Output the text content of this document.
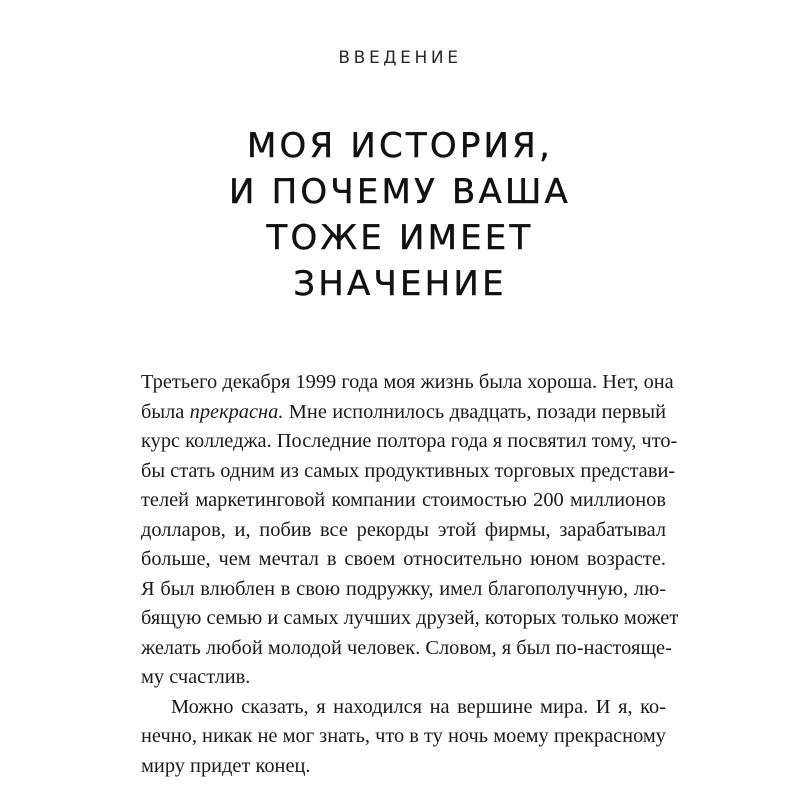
ВВЕДЕНИЕ
МОЯ ИСТОРИЯ,
И ПОЧЕМУ ВАША
ТОЖЕ ИМЕЕТ
ЗНАЧЕНИЕ
Третьего декабря 1999 года моя жизнь была хороша. Нет, она
была прекрасна. Мне исполнилось двадцать, позади первый
курс колледжа. Последние полтора года я посвятил тому, что-
бы стать одним из самых продуктивных торговых представи-
телей маркетинговой компании стоимостью 200 миллионов
долларов, и, побив все рекорды этой фирмы, зарабатывал
больше, чем мечтал в своем относительно юном возрасте.
Я был влюблен в свою подружку, имел благополучную, лю-
бящую семью и самых лучших друзей, которых только может
желать любой молодой человек. Словом, я был по-настояще-
му счастлив.
Можно сказать, я находился на вершине мира. И я, ко-
нечно, никак не мог знать, что в ту ночь моему прекрасному
миру придет конец.
